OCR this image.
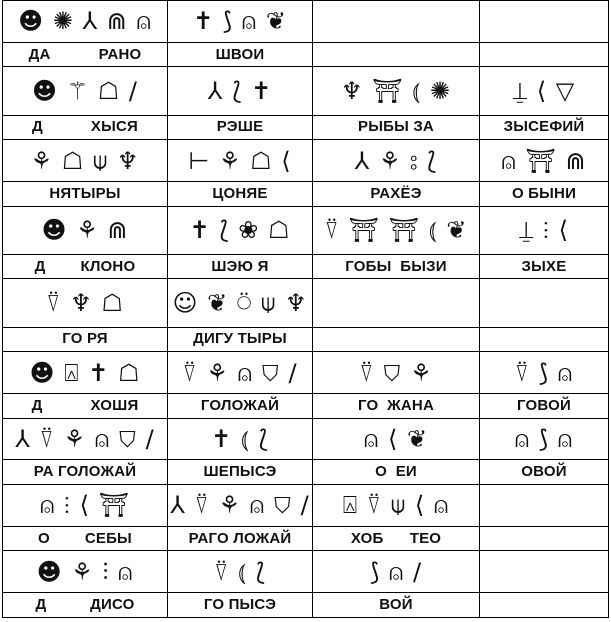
☻ ✺ ⅄ ⋒ ⍝	✝ ⟆ ⍝ ❦		

ДА           РАНО	ШВОИ		

☻ ⚚ ☖ /	⅄ ⟅ ✝	♆ ⛩ ⦅ ✺	⍊ ⟨ ▽

Д           ХЫСЯ	РЭШЕ	РЫБЫ ЗА	ЗЫСЕФИЙ

⚘ ☖ ⍦ ♆	⊢ ⚘ ☖ ⟨	⅄ ⚘ ⦂ ⟅	⍝ ⛩ ⋒

НЯТЫРЫ	ЦОНЯЕ	РАХЁЭ	О БЫНИ

☻ ⚘ ⋒	✝ ⟅ ❀ ☖	⍢ ⛩ ⛩ ⦅ ❦	⍊ ⫶ ⟨

Д        КЛОНО	ШЭЮ Я	ГОБЫ  БЫЗИ	ЗЫХЕ

⍢ ♆ ☖	☺ ❦ ⍥ ⍦ ♆		

ГО РЯ	ДИГУ ТЫРЫ		

☻ ⍓ ✝ ☖	⍢ ⚘ ⍝ ⛉ /	⍢ ⛉ ⚘	⍢ ⟆ ⍝

Д           ХОШЯ	ГОЛОЖАЙ	ГО  ЖАНА	ГОВОЙ

⅄ ⍢ ⚘ ⍝ ⛉ /	✝ ⦅ ⟅	⍝ ⟨ ❦	⍝ ⟆ ⍝

РА ГОЛОЖАЙ	ШЕПЫСЭ	О  ЕИ	ОВОЙ

⍝ ⫶ ⟨ ⛩	⅄ ⍢ ⚘ ⍝ ⛉ /	⍓ ⍢ ⍦ ⟨ ⍝	

О        СЕБЫ	РАГО ЛОЖАЙ	ХОБ      ТЕО	

☻ ⚘ ⫶ ⍝	⍢ ⦅ ⟅	⟆ ⍝ /	

Д          ДИСО	ГО ПЫСЭ	ВОЙ	
